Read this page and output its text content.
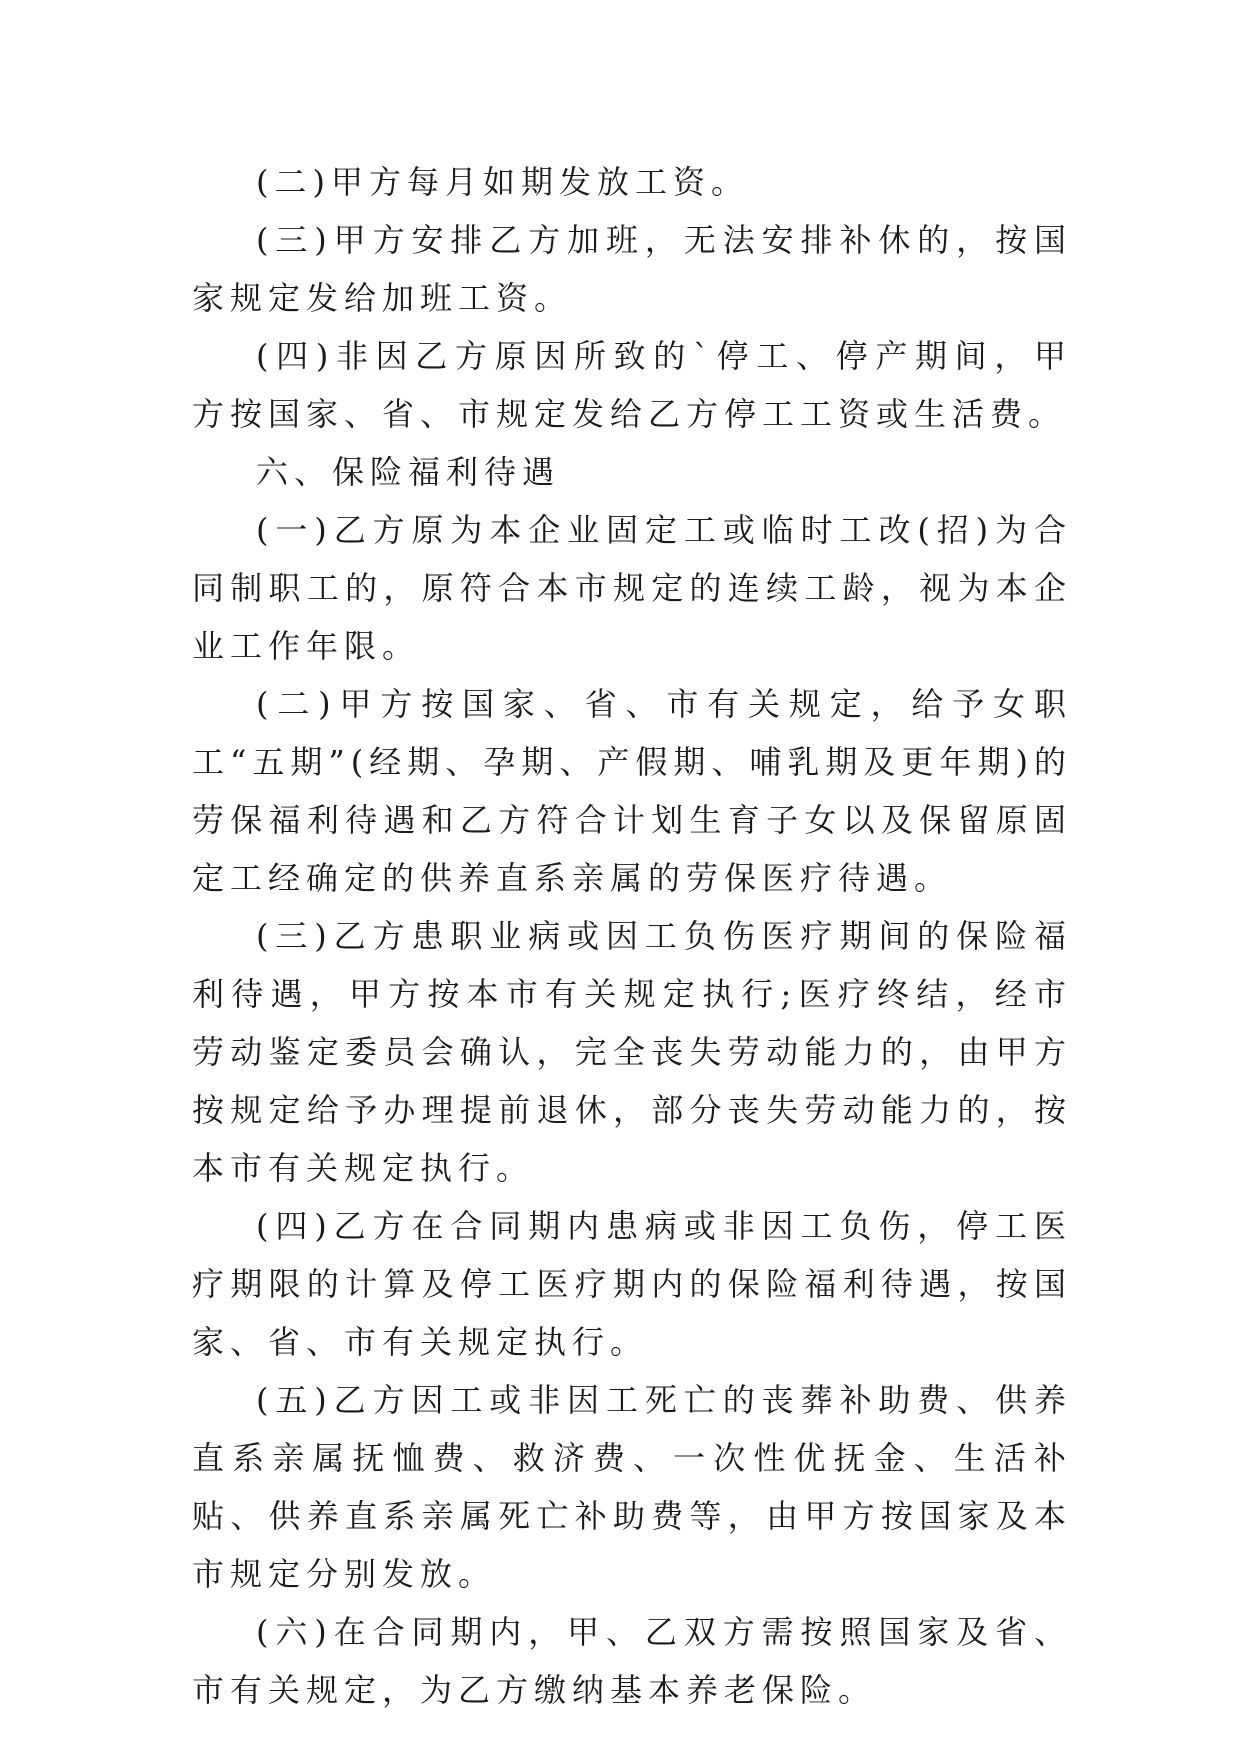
(二)甲方每月如期发放工资。

(三)甲方安排乙方加班，无法安排补休的，按国家规定发给加班工资。

(四)非因乙方原因所致的`停工、停产期间，甲方按国家、省、市规定发给乙方停工工资或生活费。

六、保险福利待遇

(一)乙方原为本企业固定工或临时工改(招)为合同制职工的，原符合本市规定的连续工龄，视为本企业工作年限。

(二)甲方按国家、省、市有关规定，给予女职工“五期”(经期、孕期、产假期、哺乳期及更年期)的劳保福利待遇和乙方符合计划生育子女以及保留原固定工经确定的供养直系亲属的劳保医疗待遇。

(三)乙方患职业病或因工负伤医疗期间的保险福利待遇，甲方按本市有关规定执行;医疗终结，经市劳动鉴定委员会确认，完全丧失劳动能力的，由甲方按规定给予办理提前退休，部分丧失劳动能力的，按本市有关规定执行。

(四)乙方在合同期内患病或非因工负伤，停工医疗期限的计算及停工医疗期内的保险福利待遇，按国家、省、市有关规定执行。

(五)乙方因工或非因工死亡的丧葬补助费、供养直系亲属抚恤费、救济费、一次性优抚金、生活补贴、供养直系亲属死亡补助费等，由甲方按国家及本市规定分别发放。

(六)在合同期内，甲、乙双方需按照国家及省、市有关规定，为乙方缴纳基本养老保险。
